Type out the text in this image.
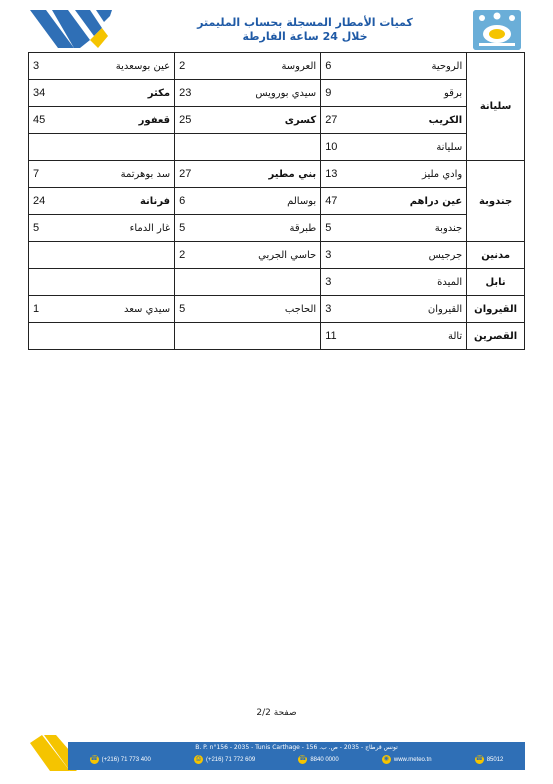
كميات الأمطار المسجلة بحساب المليمتر
خلال 24 ساعة الفارطة
سليانة	الروحية	6	العروسة	2	عين بوسعدية	3
	برقو	9	سيدي بورويس	23	مكثر	34
	الكريب	27	كسرى	25	قعفور	45
	سليانة	10				
جندوبة	وادي مليز	13	بني مطير	27	سد بوهرتمة	7
	عين دراهم	47	بوسالم	6	فرنانة	24
	جندوبة	5	طبرقة	5	غار الدماء	5
مدنين	جرجيس	3	حاسي الجربي	2		
نابل	الميدة	3				
القيروان	القيروان	3	الحاجب	5	سيدي سعد	1
القصرين	تالة	11				
صفحة 2/2
B. P. n°156 - 2035 - Tunis Carthage - تونس قرطاج - 2035 - ص. ب. 156
☎ (+216) 71 773 400	⎙ (+216) 71 772 609	☎ 8840 0000	◉ www.meteo.tn	☎ 85012
